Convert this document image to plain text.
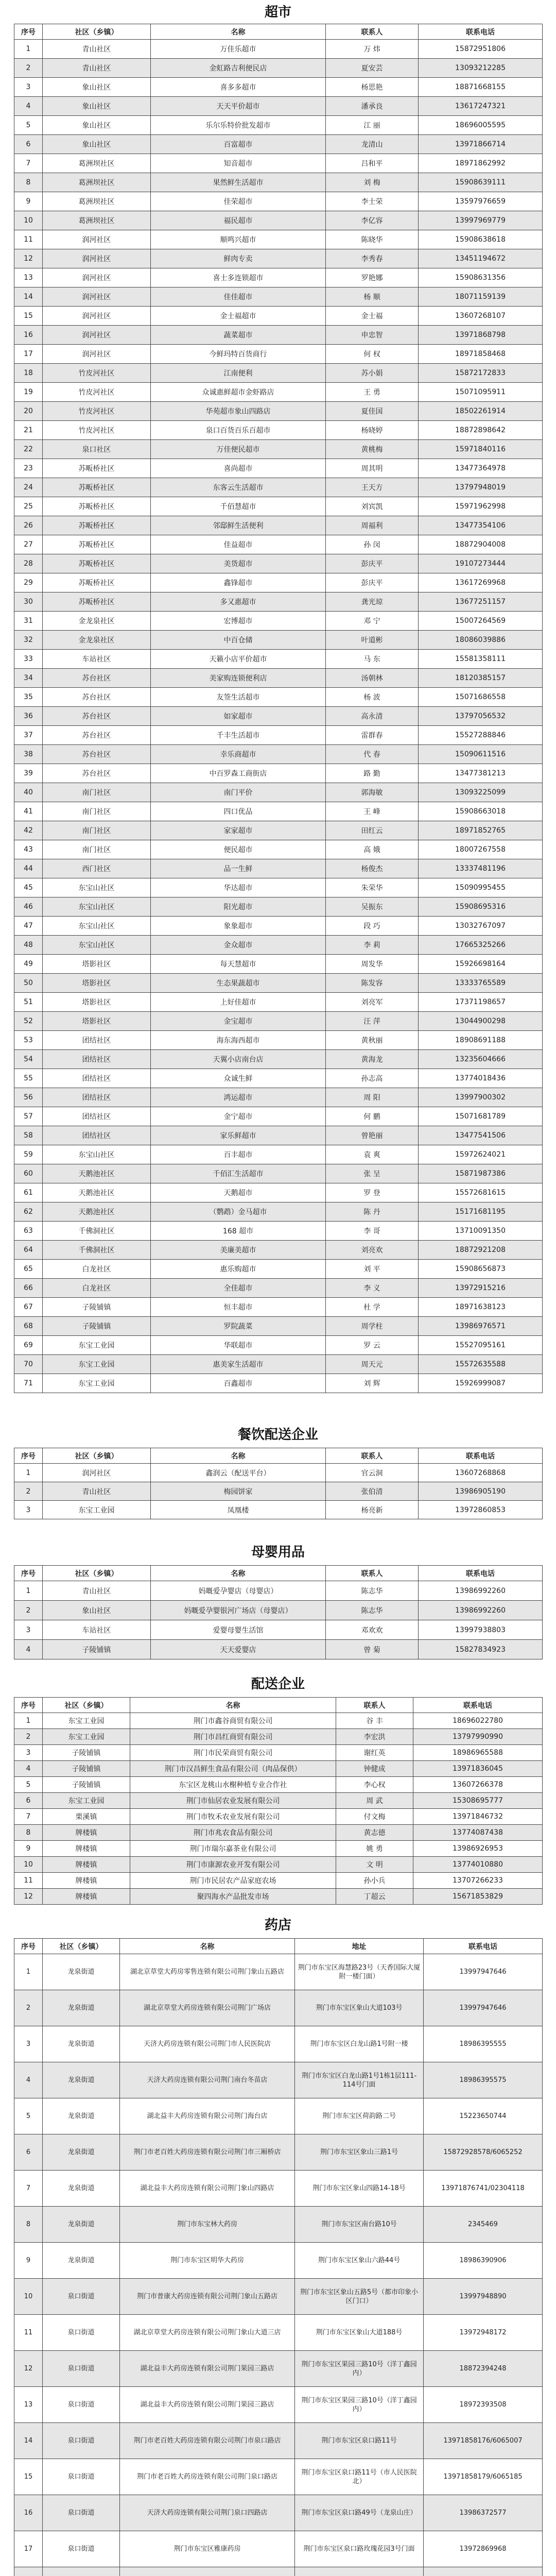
超市
序号	社区（乡镇）	名称	联系人	联系电话
1	青山社区	万佳乐超市	万 炜	15872951806
2	青山社区	金虹路吉利便民店	夏安芸	13093212285
3	象山社区	喜多多超市	杨思艳	18871668155
4	象山社区	天天平价超市	潘承良	13617247321
5	象山社区	乐尔乐特价批发超市	江 丽	18696005595
6	象山社区	百富超市	龙清山	13971866714
7	葛洲坝社区	知音超市	吕和平	18971862992
8	葛洲坝社区	果然鲜生活超市	刘 梅	15908639111
9	葛洲坝社区	佳荣超市	李士荣	13597976659
10	葛洲坝社区	福民超市	李亿容	13997969779
11	润河社区	顺鸣兴超市	陈晓华	15908638618
12	润河社区	鲜肉专卖	李秀春	13451194672
13	润河社区	喜士多连锁超市	罗艳娜	15908631356
14	润河社区	佳佳超市	杨 顺	18071159139
15	润河社区	金士福超市	金士福	13607268107
16	润河社区	蔬菜超市	申忠智	13971868798
17	润河社区	今鲜玛特百货商行	何 权	18971858468
18	竹皮河社区	江南便利	苏小娟	15872172833
19	竹皮河社区	众诚惠鲜超市金虾路店	王 勇	15071095911
20	竹皮河社区	华苑超市象山四路店	夏佳国	18502261914
21	竹皮河社区	泉口百货百乐百超市	杨晓婷	18872898642
22	泉口社区	万佳便民超市	黄桃梅	15971840116
23	苏畈桥社区	喜尚超市	周其明	13477364978
24	苏畈桥社区	东客云生活超市	王天方	13797948019
25	苏畈桥社区	千佰慧超市	刘宾凯	15971962998
26	苏畈桥社区	邻邸鲜生活便利	周福利	13477354106
27	苏畈桥社区	佳益超市	孙 闵	18872904008
28	苏畈桥社区	美货超市	彭庆平	19107273444
29	苏畈桥社区	鑫锋超市	彭庆平	13617269968
30	苏畈桥社区	多又惠超市	龚光琼	13677251157
31	金龙泉社区	宏博超市	邓 宁	15007264569
32	金龙泉社区	中百仓储	叶道彬	18086039886
33	车站社区	天籁小店平价超市	马 东	15581358111
34	苏台社区	美家购连锁便利店	汤朝林	18120385157
35	苏台社区	友签生活超市	杨 波	15071686558
36	苏台社区	如家超市	高永清	13797056532
37	苏台社区	千丰生活超市	雷群春	15527288846
38	苏台社区	幸乐商超市	代 春	15090611516
39	苏台社区	中百罗森工商街店	路 勤	13477381213
40	南门社区	南门平价	郭海敏	13093225099
41	南门社区	四口优品	王 峰	15908663018
42	南门社区	家家超市	田红云	18971852765
43	南门社区	便民超市	高 娥	18007267558
44	西门社区	品一生鲜	杨俊杰	13337481196
45	东宝山社区	华达超市	朱荣华	15090995455
46	东宝山社区	阳光超市	吴振东	15908695316
47	东宝山社区	象象超市	段 巧	13032767097
48	东宝山社区	金众超市	李 莉	17665325266
49	塔影社区	每天慧超市	周发华	15926698164
50	塔影社区	生态果蔬超市	陈发容	13333765589
51	塔影社区	上好佳超市	刘亮军	17371198657
52	塔影社区	金宝超市	汪 萍	13044900298
53	团结社区	海东海西超市	黄秋丽	18908691188
54	团结社区	天翼小店南台店	黄海龙	13235604666
55	团结社区	众诚生鲜	孙志高	13774018436
56	团结社区	鸿运超市	周 阳	13997900302
57	团结社区	金宁超市	何 鹏	15071681789
58	团结社区	家乐鲜超市	曾艳丽	13477541506
59	东宝山社区	百丰超市	袁 爽	15972624021
60	天鹅池社区	千佰汇生活超市	张 呈	15871987386
61	天鹅池社区	天鹅超市	罗 登	15572681615
62	天鹅池社区	（鹦鹉）金马超市	陈 丹	15171681195
63	千佛洞社区	168 超市	李 哥	13710091350
64	千佛洞社区	美廉美超市	刘亮欢	18872921208
65	白龙社区	惠乐购超市	刘 平	15908656873
66	白龙社区	全佳超市	李 义	13972915216
67	子陵铺镇	恒丰超市	杜 学	18971638123
68	子陵铺镇	罗院蔬菜	周学柱	13986976571
69	东宝工业园	华联超市	罗 云	15527095161
70	东宝工业园	惠美家生活超市	周天元	15572635588
71	东宝工业园	百鑫超市	刘 辉	15926999087
餐饮配送企业
序号	社区（乡镇）	名称	联系人	联系电话
1	润河社区	鑫润云（配送平台）	官云洞	13607268868
2	青山社区	梅园饼家	张伯清	13986905190
3	东宝工业园	凤凰楼	杨亮新	13972860853
母婴用品
序号	社区（乡镇）	名称	联系人	联系电话
1	青山社区	妈嘅爱孕婴店（母婴店）	陈志华	13986992260
2	象山社区	妈嘅爱孕婴银河广场店（母婴店）	陈志华	13986992260
3	车站社区	爱婴母婴生活馆	邓欢欢	13997938803
4	子陵铺镇	天天爱婴店	曾 菊	15827834923
配送企业
序号	社区（乡镇）	名称	联系人	联系电话
1	东宝工业园	荆门市鑫谷商贸有限公司	谷 丰	18696022780
2	东宝工业园	荆门市昌红商贸有限公司	李宏洪	13797990990
3	子陵铺镇	荆门市民荣商贸有限公司	谢红英	18986965588
4	子陵铺镇	荆门市汉昌鲜生食品有限公司（肉品保供）	钟健成	13971836045
5	子陵铺镇	东宝区龙桃山水榭种植专业合作社	李心权	13607266378
6	东宝工业园	荆门市仙居农业发展有限公司	周 武	15308695777
7	栗溪镇	荆门市牧禾农业发展有限公司	付文梅	13971846732
8	牌楼镇	荆门市兆农食品有限公司	黄志德	13774087438
9	牌楼镇	荆门市瑞尔嘉茶业有限公司	姚 勇	13986926953
10	牌楼镇	荆门市康源农业开发有限公司	文 明	13774010880
11	牌楼镇	荆门市民居农产品家庭农场	孙小兵	13707266233
12	牌楼镇	聚四海水产品批发市场	丁超云	15671853829
药店
序号	社区（乡镇）	名称	地址	联系电话
1	龙泉街道	湖北京草堂大药房零售连锁有限公司荆门象山五路店	荆门市东宝区海慧路23号（天香国际大厦附一楼门面）	13997947646
2	龙泉街道	湖北京草堂大药房连锁有限公司荆门广场店	荆门市东宝区象山大道103号	13997947646
3	龙泉街道	天济大药房连锁有限公司荆门市人民医院店	荆门市东宝区白龙山路1号附一楼	18986395555
4	龙泉街道	天济大药房连锁有限公司荆门南台冬苗店	荆门市东宝区白龙山路1号1栋1层111-114号门面	18986395575
5	龙泉街道	湖北益丰大药房连锁有限公司荆门海台店	荆门市东宝区荷韵路二号	15223650744
6	龙泉街道	荆门市老百姓大药房连锁有限公司荆门市三厢桥店	荆门市东宝区象山三路1号	15872928578/6065252
7	龙泉街道	湖北益丰大药房连锁有限公司荆门象山四路店	荆门市东宝区象山四路14-18号	13971876741/02304118
8	龙泉街道	荆门市东宝林大药房	荆门市东宝区南台路10号	2345469
9	龙泉街道	荆门市东宝区明华大药房	荆门市东宝区象山六路44号	18986390906
10	泉口街道	荆门市普康大药房连锁有限公司荆门象山五路店	荆门市东宝区象山五路5号（都市印象小区门口）	13997948890
11	泉口街道	湖北京草堂大药房连锁有限公司荆门象山大道三店	荆门市东宝区象山大道188号	13972948172
12	泉口街道	湖北益丰大药房连锁有限公司荆门果园三路店	荆门市东宝区果园三路10号（洋丁鑫园内）	18872394248
13	泉口街道	湖北益丰大药房连锁有限公司荆门果园三路店	荆门市东宝区果园三路10号（洋丁鑫园内）	18972393508
14	泉口街道	荆门市老百姓大药房连锁有限公司荆门市泉口路店	荆门市东宝区泉口路11号	13971858176/6065007
15	泉口街道	荆门市老百姓大药房连锁有限公司荆门泉口路店	荆门市东宝区泉口路11号（市人民医院北）	13971858179/6065185
16	泉口街道	天济大药房连锁有限公司荆门泉口四路店	荆门市东宝区泉口路49号（龙泉山庄）	13986372577
17	泉口街道	荆门市东宝区雅康药房	荆门市东宝区泉口路玫瑰花园3号门面	13972869968
